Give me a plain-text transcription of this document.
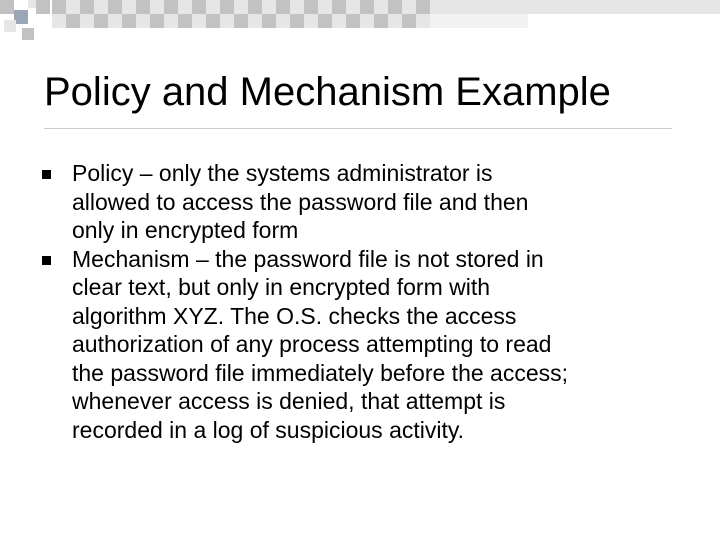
Policy and Mechanism Example
Policy – only the systems administrator is
allowed to access the password file and then
only in encrypted form
Mechanism – the password file is not stored in
clear text, but only in encrypted form with
algorithm XYZ. The O.S. checks the access
authorization of any process attempting to read
the password file immediately before the access;
whenever access is denied, that attempt is
recorded in a log of suspicious activity.
